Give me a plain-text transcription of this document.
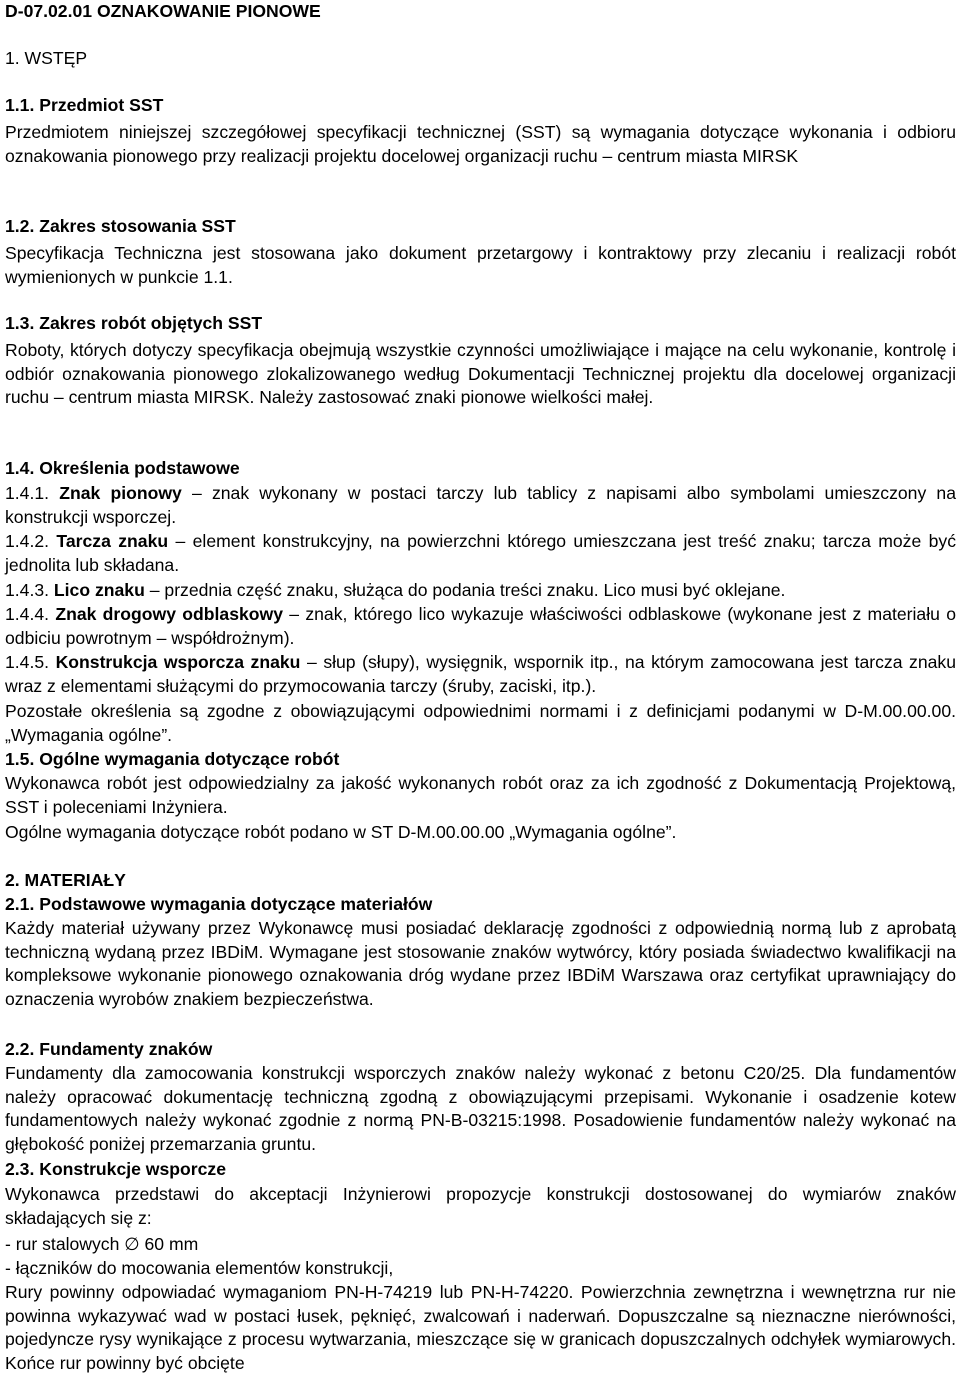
D-07.02.01 OZNAKOWANIE PIONOWE
1. WSTĘP
1.1. Przedmiot SST
Przedmiotem niniejszej szczegółowej specyfikacji technicznej (SST) są wymagania dotyczące wykonania i odbioru oznakowania pionowego przy realizacji projektu docelowej organizacji ruchu – centrum miasta MIRSK
1.2. Zakres stosowania SST
Specyfikacja Techniczna jest stosowana jako dokument przetargowy i kontraktowy przy zlecaniu i realizacji robót wymienionych w punkcie 1.1.
1.3. Zakres robót objętych SST
Roboty, których dotyczy specyfikacja obejmują wszystkie czynności umożliwiające i mające na celu wykonanie, kontrolę i odbiór oznakowania pionowego zlokalizowanego według Dokumentacji Technicznej projektu dla docelowej organizacji ruchu – centrum miasta MIRSK. Należy zastosować znaki pionowe wielkości małej.
1.4. Określenia podstawowe
1.4.1. Znak pionowy – znak wykonany w postaci tarczy lub tablicy z napisami albo symbolami umieszczony na konstrukcji wsporczej.
1.4.2. Tarcza znaku – element konstrukcyjny, na powierzchni którego umieszczana jest treść znaku; tarcza może być jednolita lub składana.
1.4.3. Lico znaku – przednia część znaku, służąca do podania treści znaku. Lico musi być oklejane.
1.4.4. Znak drogowy odblaskowy – znak, którego lico wykazuje właściwości odblaskowe (wykonane jest z materiału o odbiciu powrotnym – współdrożnym).
1.4.5. Konstrukcja wsporcza znaku – słup (słupy), wysięgnik, wspornik itp., na którym zamocowana jest tarcza znaku wraz z elementami służącymi do przymocowania tarczy (śruby, zaciski, itp.).
Pozostałe określenia są zgodne z obowiązującymi odpowiednimi normami i z definicjami podanymi w D-M.00.00.00. „Wymagania ogólne”.
1.5. Ogólne wymagania dotyczące robót
Wykonawca robót jest odpowiedzialny za jakość wykonanych robót oraz za ich zgodność z Dokumentacją Projektową, SST i poleceniami Inżyniera.
Ogólne wymagania dotyczące robót podano w ST D-M.00.00.00 „Wymagania ogólne”.
2. MATERIAŁY
2.1. Podstawowe wymagania dotyczące materiałów
Każdy materiał używany przez Wykonawcę musi posiadać deklarację zgodności z odpowiednią normą lub z aprobatą techniczną wydaną przez IBDiM. Wymagane jest stosowanie znaków wytwórcy, który posiada świadectwo kwalifikacji na kompleksowe wykonanie pionowego oznakowania dróg wydane przez IBDiM Warszawa oraz certyfikat uprawniający do oznaczenia wyrobów znakiem bezpieczeństwa.
2.2. Fundamenty znaków
Fundamenty dla zamocowania konstrukcji wsporczych znaków należy wykonać z betonu C20/25. Dla fundamentów należy opracować dokumentację techniczną zgodną z obowiązującymi przepisami. Wykonanie i osadzenie kotew fundamentowych należy wykonać zgodnie z normą PN-B-03215:1998. Posadowienie fundamentów należy wykonać na głębokość poniżej przemarzania gruntu.
2.3. Konstrukcje wsporcze
Wykonawca przedstawi do akceptacji Inżynierowi propozycje konstrukcji dostosowanej do wymiarów znaków składających się z:
- rur stalowych ∅ 60 mm
- łączników do mocowania elementów konstrukcji,
Rury powinny odpowiadać wymaganiom PN-H-74219 lub PN-H-74220. Powierzchnia zewnętrzna i wewnętrzna rur nie powinna wykazywać wad w postaci łusek, pęknięć, zwalcowań i naderwań. Dopuszczalne są nieznaczne nierówności, pojedyncze rysy wynikające z procesu wytwarzania, mieszczące się w granicach dopuszczalnych odchyłek wymiarowych. Końce rur powinny być obcięte
